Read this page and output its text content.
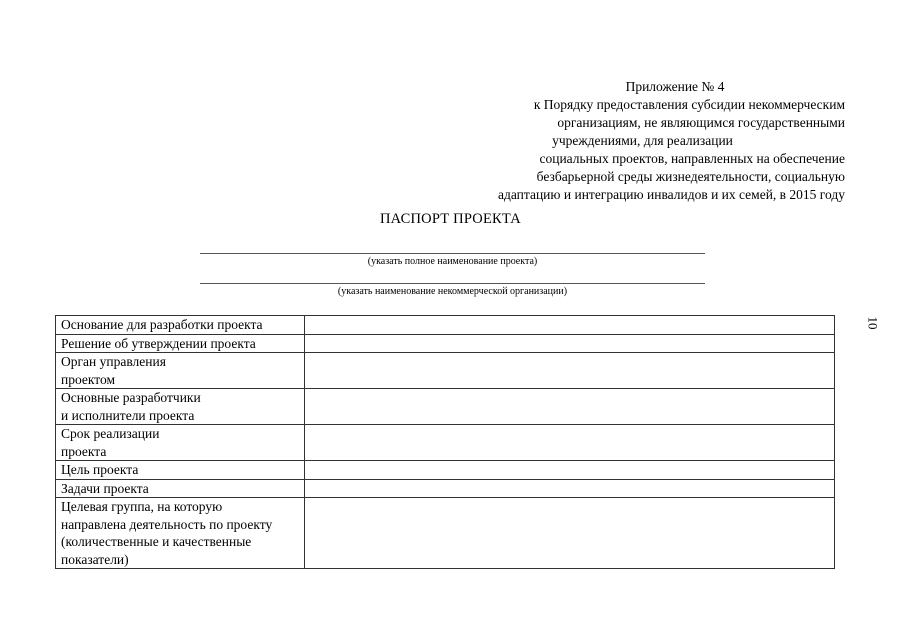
Приложение № 4
к Порядку предоставления субсидии некоммерческим
организациям, не являющимся государственными
учреждениями, для реализации
социальных проектов, направленных на обеспечение
безбарьерной среды жизнедеятельности, социальную
адаптацию и интеграцию инвалидов и их семей, в 2015 году
ПАСПОРТ ПРОЕКТА
(указать полное наименование проекта)
(указать наименование некоммерческой организации)
10
Основание для разработки проекта	
Решение об утверждении проекта	
Орган управления
проектом	
Основные разработчики
и исполнители проекта	
Срок реализации
проекта	
Цель проекта	
Задачи проекта	
Целевая группа, на которую
направлена деятельность по проекту
(количественные и качественные
показатели)	
